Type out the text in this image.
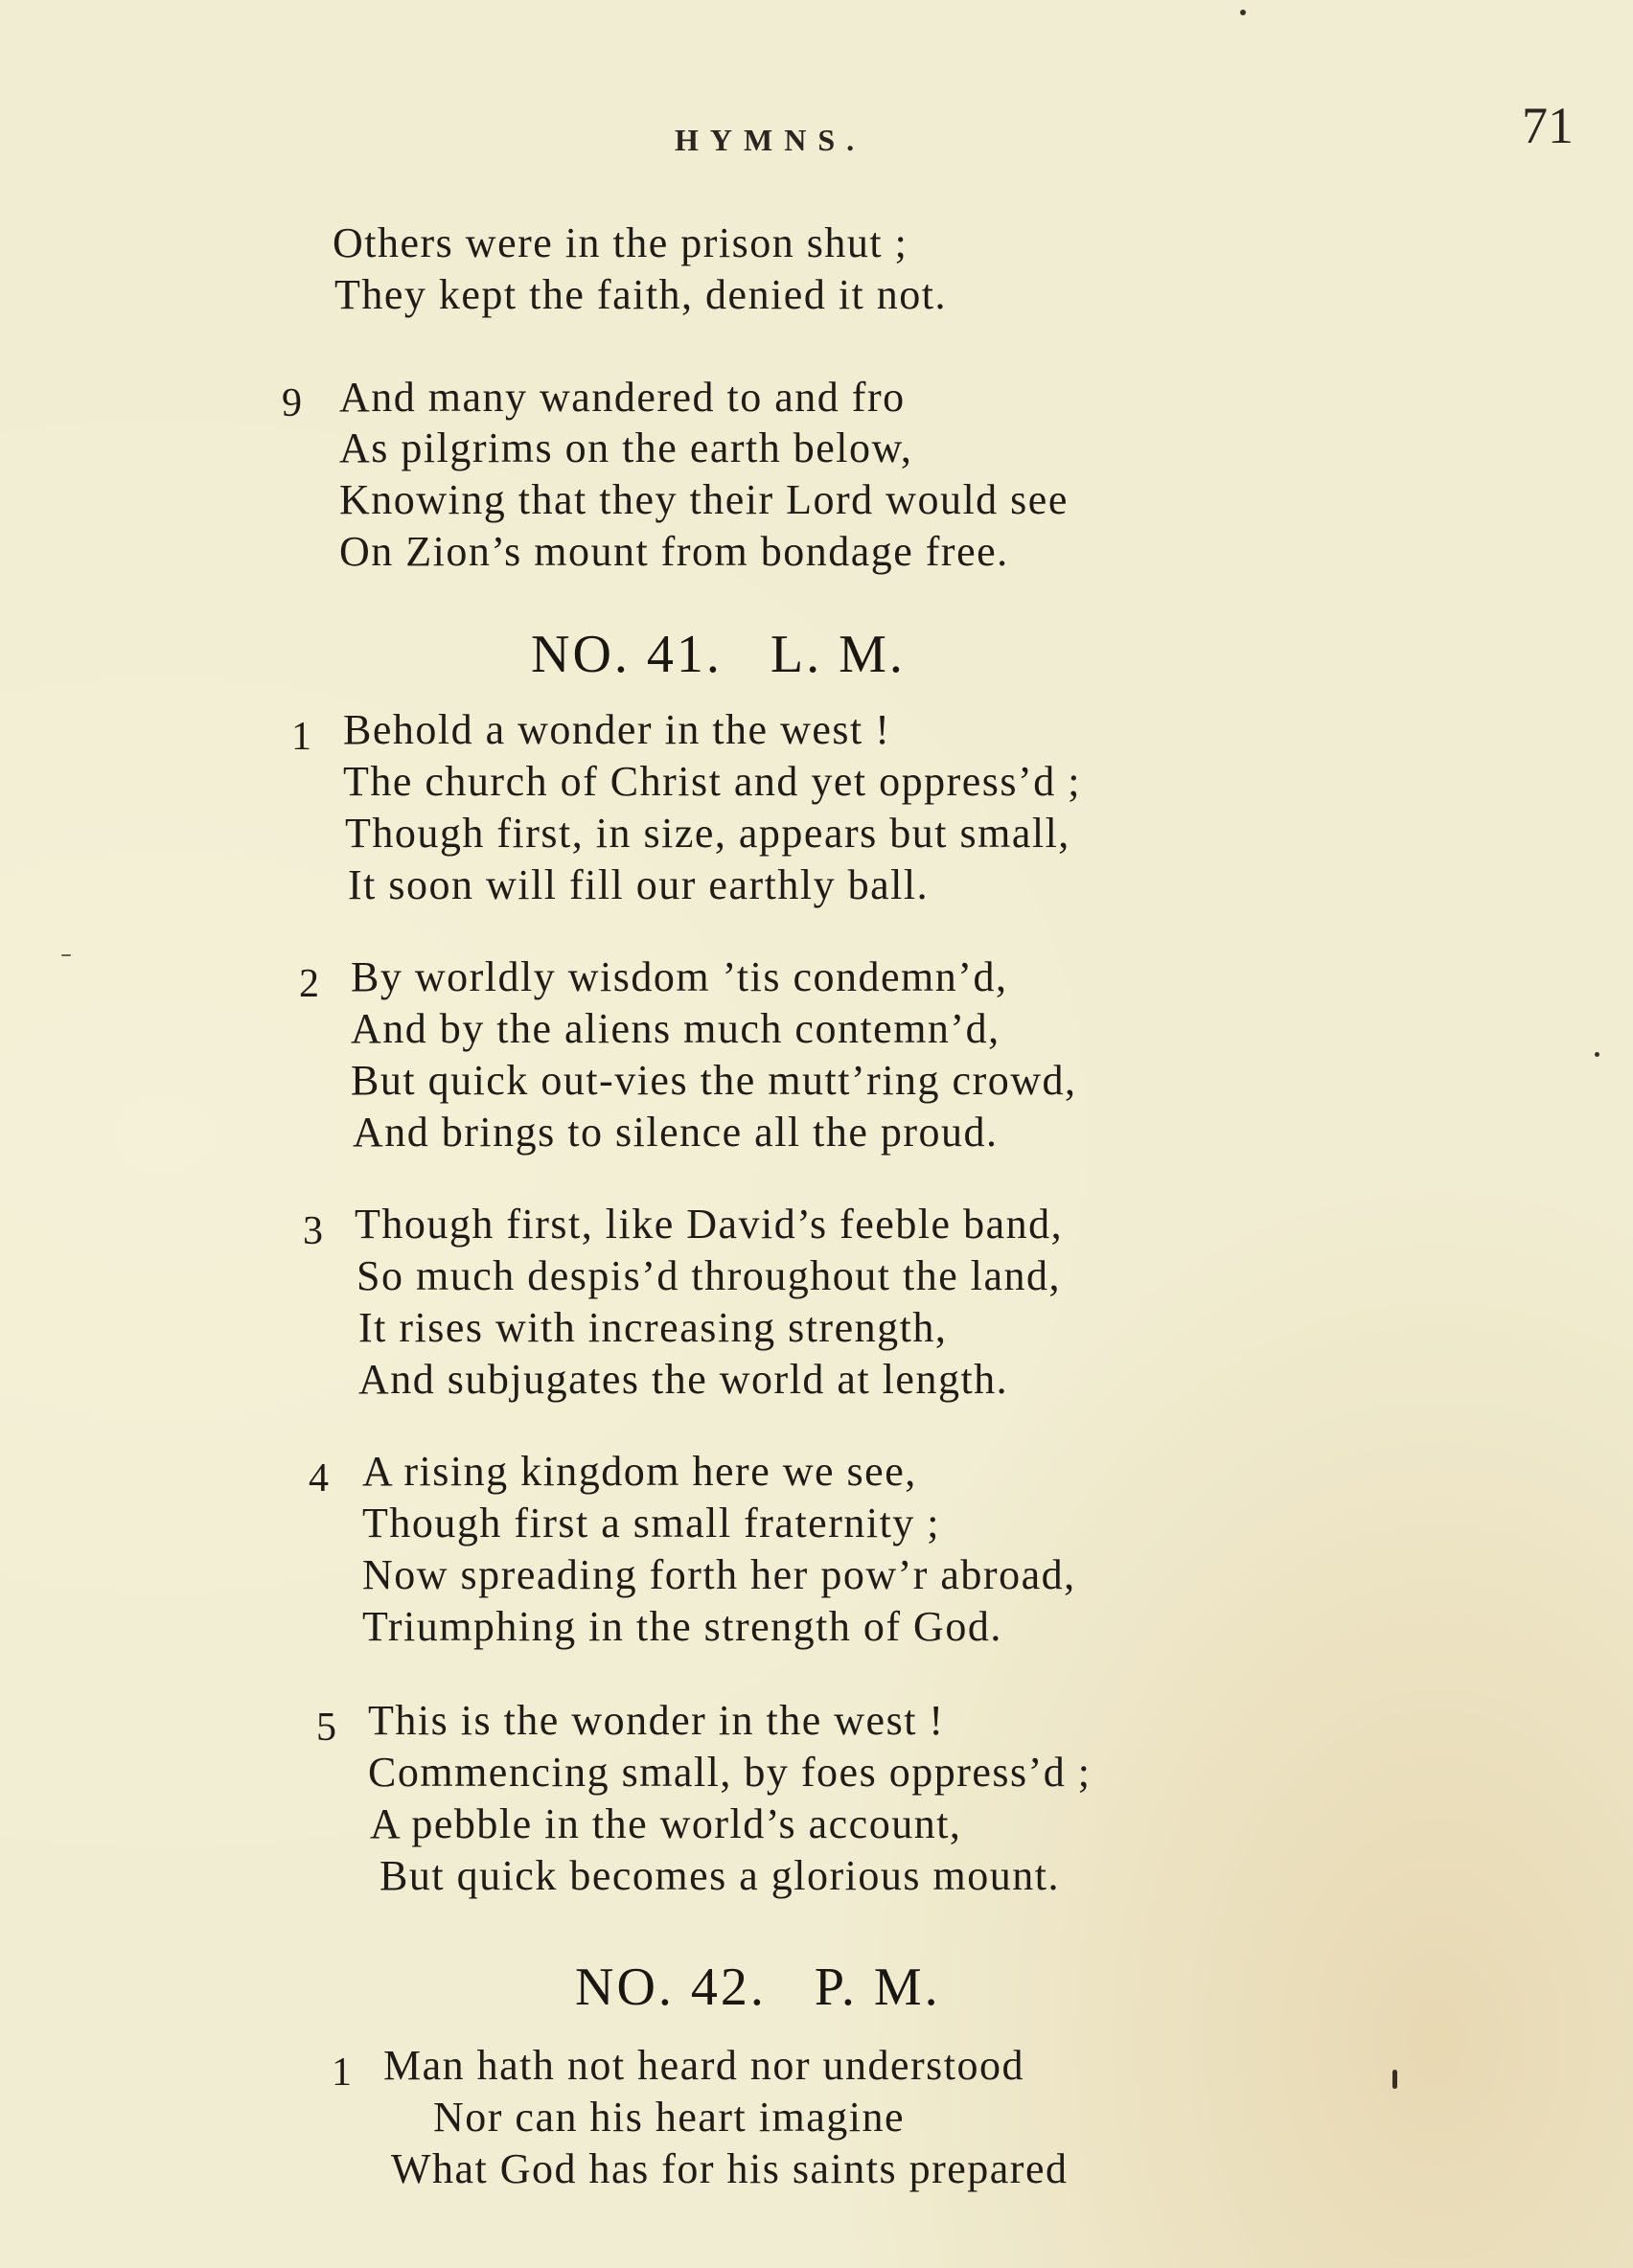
HYMNS.	71
Others were in the prison shut ;
They kept the faith, denied it not.
9 And many wandered to and fro
As pilgrims on the earth below,
Knowing that they their Lord would see
On Zion’s mount from bondage free.
NO. 41. L. M.
1 Behold a wonder in the west !
The church of Christ and yet oppress’d ;
Though first, in size, appears but small,
It soon will fill our earthly ball.
2 By worldly wisdom ’tis condemn’d,
And by the aliens much contemn’d,
But quick out-vies the mutt’ring crowd,
And brings to silence all the proud.
3 Though first, like David’s feeble band,
So much despis’d throughout the land,
It rises with increasing strength,
And subjugates the world at length.
4 A rising kingdom here we see,
Though first a small fraternity ;
Now spreading forth her pow’r abroad,
Triumphing in the strength of God.
5 This is the wonder in the west !
Commencing small, by foes oppress’d ;
A pebble in the world’s account,
But quick becomes a glorious mount.
NO. 42. P. M.
1 Man hath not heard nor understood
Nor can his heart imagine
What God has for his saints prepared
